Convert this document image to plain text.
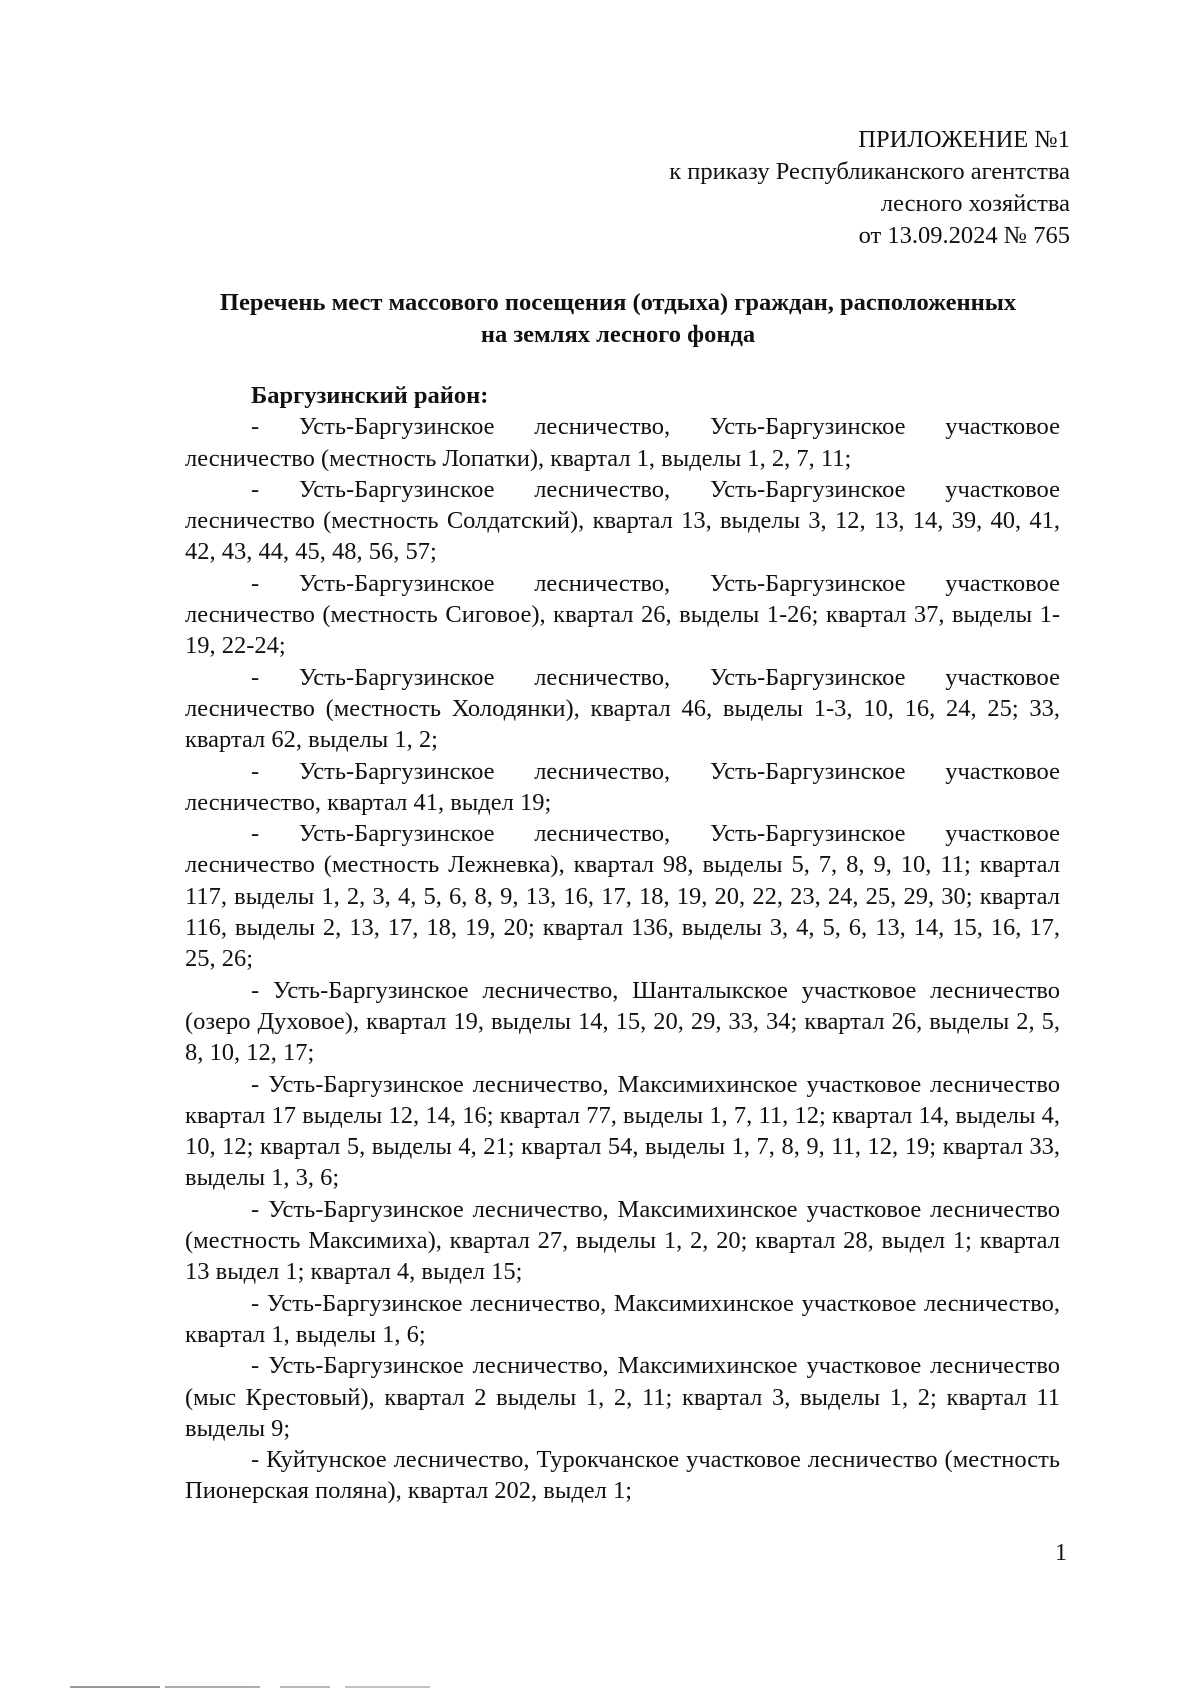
ПРИЛОЖЕНИЕ №1
к приказу Республиканского агентства
лесного хозяйства
от 13.09.2024 № 765
Перечень мест массового посещения (отдыха) граждан, расположенных
на землях лесного фонда

Баргузинский район:

- Усть-Баргузинское лесничество, Усть-Баргузинское участковое лесничество (местность Лопатки), квартал 1, выделы 1, 2, 7, 11;

- Усть-Баргузинское лесничество, Усть-Баргузинское участковое лесничество (местность Солдатский), квартал 13, выделы 3, 12, 13, 14, 39, 40, 41, 42, 43, 44, 45, 48, 56, 57;

- Усть-Баргузинское лесничество, Усть-Баргузинское участковое лесничество (местность Сиговое), квартал 26, выделы 1-26; квартал 37, выделы 1-19, 22-24;

- Усть-Баргузинское лесничество, Усть-Баргузинское участковое лесничество (местность Холодянки), квартал 46, выделы 1-3, 10, 16, 24, 25; 33, квартал 62, выделы 1, 2;

- Усть-Баргузинское лесничество, Усть-Баргузинское участковое лесничество, квартал 41, выдел 19;

- Усть-Баргузинское лесничество, Усть-Баргузинское участковое лесничество (местность Лежневка), квартал 98, выделы 5, 7, 8, 9, 10, 11; квартал 117, выделы 1, 2, 3, 4, 5, 6, 8, 9, 13, 16, 17, 18, 19, 20, 22, 23, 24, 25, 29, 30; квартал 116, выделы 2, 13, 17, 18, 19, 20; квартал 136, выделы 3, 4, 5, 6, 13, 14, 15, 16, 17, 25, 26;

- Усть-Баргузинское лесничество, Шанталыкское участковое лесничество (озеро Духовое), квартал 19, выделы 14, 15, 20, 29, 33, 34; квартал 26, выделы 2, 5, 8, 10, 12, 17;

- Усть-Баргузинское лесничество, Максимихинское участковое лесничество квартал 17 выделы 12, 14, 16; квартал 77, выделы 1, 7, 11, 12; квартал 14, выделы 4, 10, 12; квартал 5, выделы 4, 21; квартал 54, выделы 1, 7, 8, 9, 11, 12, 19; квартал 33, выделы 1, 3, 6;

- Усть-Баргузинское лесничество, Максимихинское участковое лесничество (местность Максимиха), квартал 27, выделы 1, 2, 20; квартал 28, выдел 1; квартал 13 выдел 1; квартал 4, выдел 15;

- Усть-Баргузинское лесничество, Максимихинское участковое лесничество, квартал 1, выделы 1, 6;

- Усть-Баргузинское лесничество, Максимихинское участковое лесничество (мыс Крестовый), квартал 2 выделы 1, 2, 11; квартал 3, выделы 1, 2; квартал 11 выделы 9;

- Куйтунское лесничество, Турокчанское участковое лесничество (местность Пионерская поляна), квартал 202, выдел 1;

1
